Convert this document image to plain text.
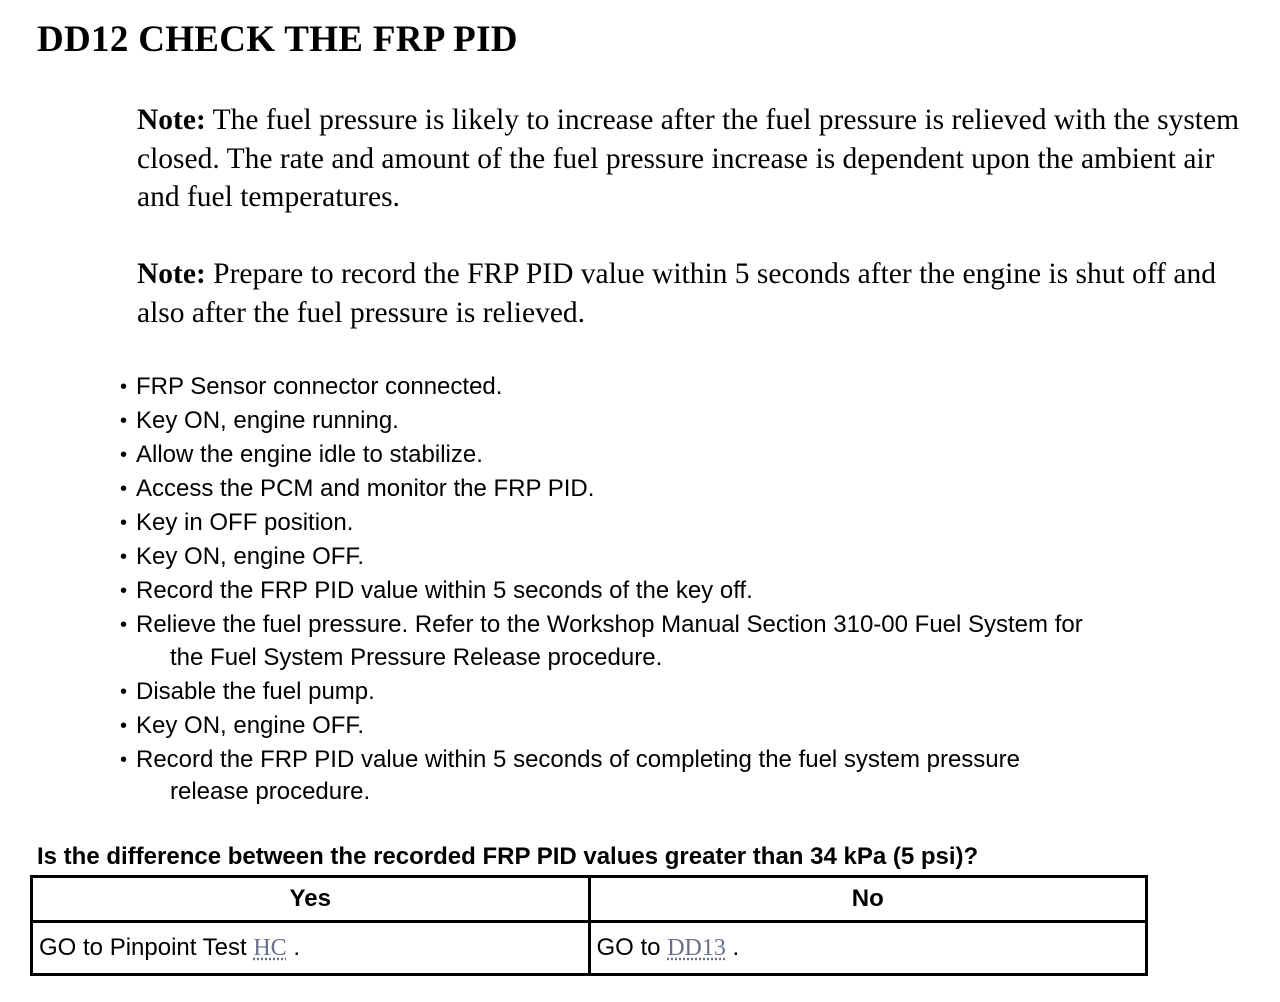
DD12 CHECK THE FRP PID

Note: The fuel pressure is likely to increase after the fuel pressure is relieved with the system closed. The rate and amount of the fuel pressure increase is dependent upon the ambient air and fuel temperatures.

Note: Prepare to record the FRP PID value within 5 seconds after the engine is shut off and also after the fuel pressure is relieved.

• FRP Sensor connector connected.
• Key ON, engine running.
• Allow the engine idle to stabilize.
• Access the PCM and monitor the FRP PID.
• Key in OFF position.
• Key ON, engine OFF.
• Record the FRP PID value within 5 seconds of the key off.
• Relieve the fuel pressure. Refer to the Workshop Manual Section 310-00 Fuel System for
the Fuel System Pressure Release procedure.
• Disable the fuel pump.
• Key ON, engine OFF.
• Record the FRP PID value within 5 seconds of completing the fuel system pressure
release procedure.

Is the difference between the recorded FRP PID values greater than 34 kPa (5 psi)?

Yes	No
GO to Pinpoint Test HC .	GO to DD13 .
